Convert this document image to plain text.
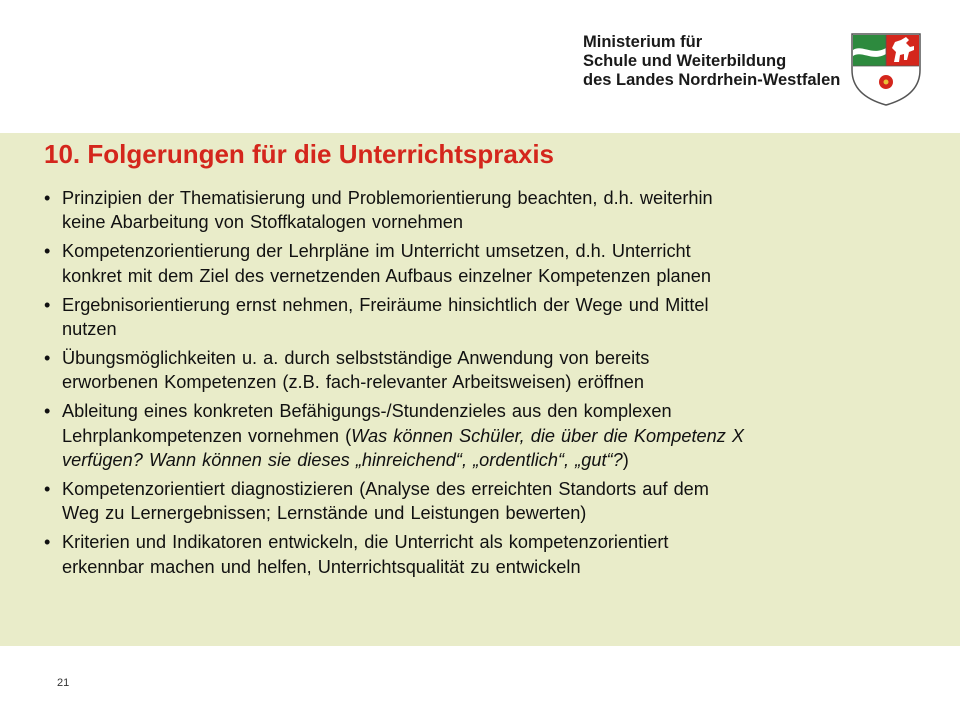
Ministerium für
Schule und Weiterbildung
des Landes Nordrhein-Westfalen
10. Folgerungen für die Unterrichtspraxis
• Prinzipien der Thematisierung und Problemorientierung beachten, d.h. weiterhin
keine Abarbeitung von Stoffkatalogen vornehmen
• Kompetenzorientierung der Lehrpläne im Unterricht umsetzen, d.h. Unterricht
konkret mit dem Ziel des vernetzenden Aufbaus einzelner Kompetenzen planen
• Ergebnisorientierung ernst nehmen, Freiräume hinsichtlich der Wege und Mittel
nutzen
• Übungsmöglichkeiten u. a. durch selbstständige Anwendung von bereits
erworbenen Kompetenzen (z.B. fach-relevanter Arbeitsweisen) eröffnen
• Ableitung eines konkreten Befähigungs-/Stundenzieles aus den komplexen
Lehrplankompetenzen vornehmen (Was können Schüler, die über die Kompetenz X
verfügen? Wann können sie dieses „hinreichend“, „ordentlich“, „gut“?)
• Kompetenzorientiert diagnostizieren (Analyse des erreichten Standorts auf dem
Weg zu Lernergebnissen; Lernstände und Leistungen bewerten)
• Kriterien und Indikatoren entwickeln, die Unterricht als kompetenzorientiert
erkennbar machen und helfen, Unterrichtsqualität zu entwickeln
21
